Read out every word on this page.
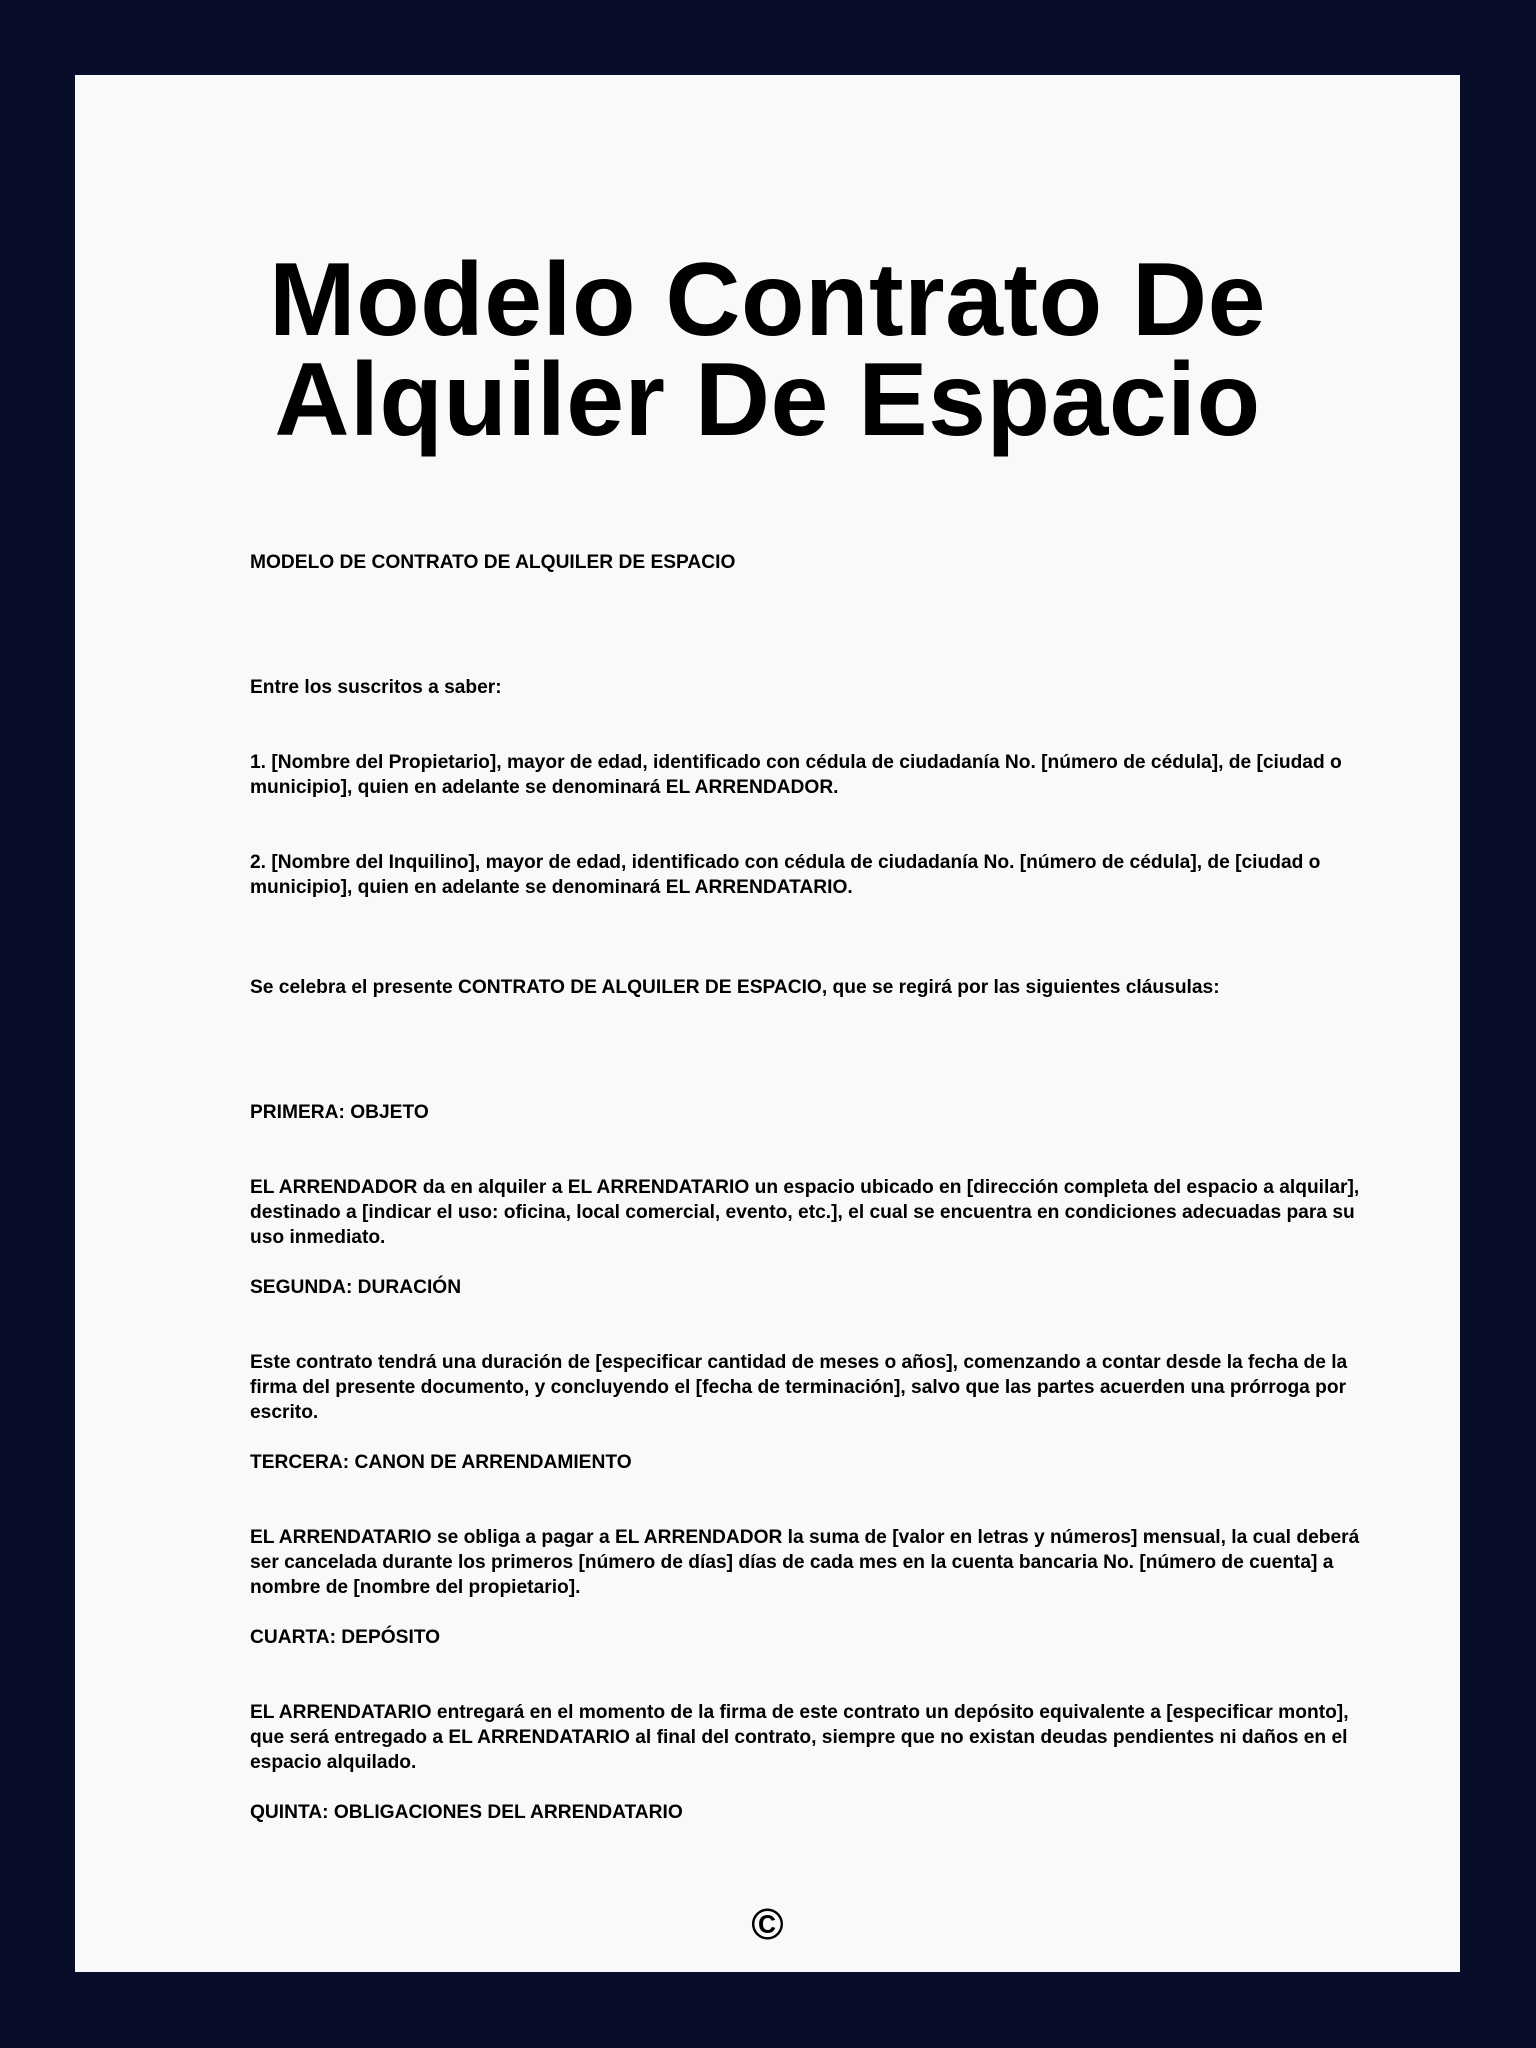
Modelo Contrato De Alquiler De Espacio

MODELO DE CONTRATO DE ALQUILER DE ESPACIO

Entre los suscritos a saber:

1. [Nombre del Propietario], mayor de edad, identificado con cédula de ciudadanía No. [número de cédula], de [ciudad o municipio], quien en adelante se denominará EL ARRENDADOR.

2. [Nombre del Inquilino], mayor de edad, identificado con cédula de ciudadanía No. [número de cédula], de [ciudad o municipio], quien en adelante se denominará EL ARRENDATARIO.

Se celebra el presente CONTRATO DE ALQUILER DE ESPACIO, que se regirá por las siguientes cláusulas:

PRIMERA: OBJETO

EL ARRENDADOR da en alquiler a EL ARRENDATARIO un espacio ubicado en [dirección completa del espacio a alquilar], destinado a [indicar el uso: oficina, local comercial, evento, etc.], el cual se encuentra en condiciones adecuadas para su uso inmediato.

SEGUNDA: DURACIÓN

Este contrato tendrá una duración de [especificar cantidad de meses o años], comenzando a contar desde la fecha de la firma del presente documento, y concluyendo el [fecha de terminación], salvo que las partes acuerden una prórroga por escrito.

TERCERA: CANON DE ARRENDAMIENTO

EL ARRENDATARIO se obliga a pagar a EL ARRENDADOR la suma de [valor en letras y números] mensual, la cual deberá ser cancelada durante los primeros [número de días] días de cada mes en la cuenta bancaria No. [número de cuenta] a nombre de [nombre del propietario].

CUARTA: DEPÓSITO

EL ARRENDATARIO entregará en el momento de la firma de este contrato un depósito equivalente a [especificar monto], que será entregado a EL ARRENDATARIO al final del contrato, siempre que no existan deudas pendientes ni daños en el espacio alquilado.

QUINTA: OBLIGACIONES DEL ARRENDATARIO

©
